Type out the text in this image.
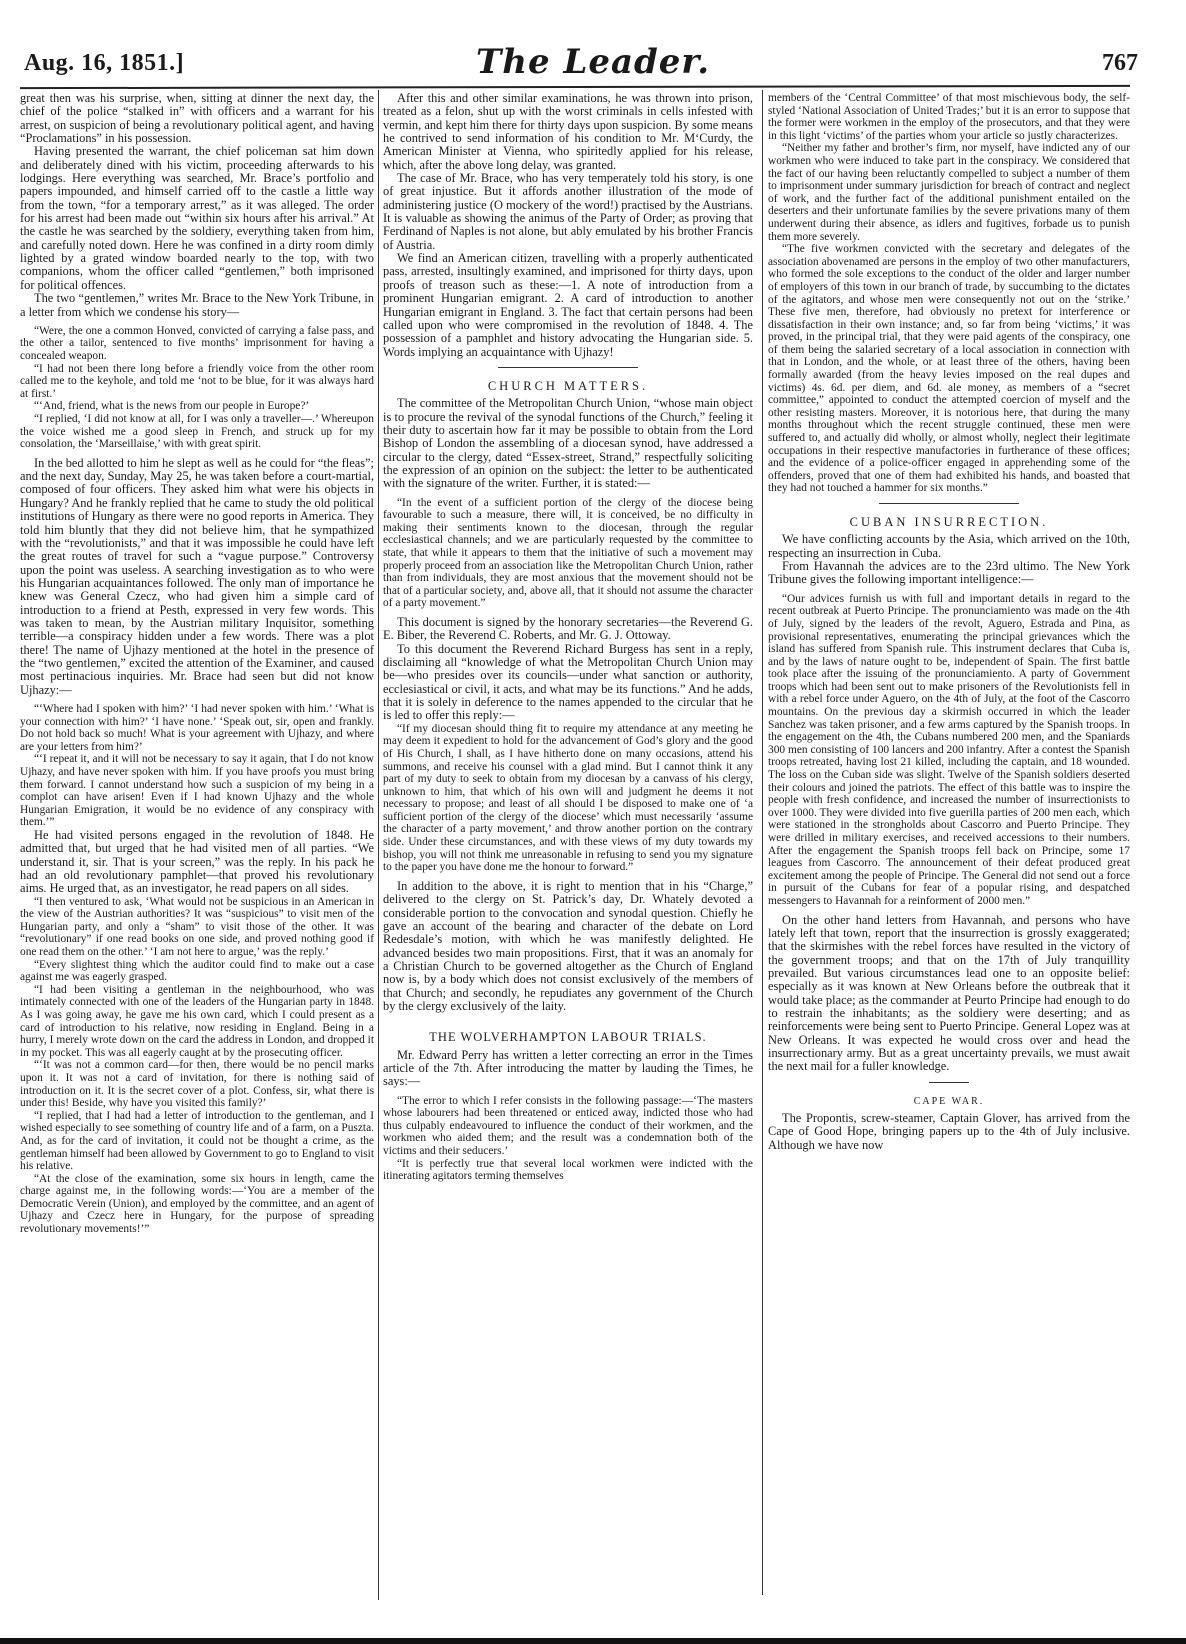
Aug. 16, 1851.]	The Leader.	767

great then was his surprise, when, sitting at dinner the next day, the chief of the police “stalked in” with officers and a warrant for his arrest, on suspicion of being a revolutionary political agent, and having “Proclamations” in his possession.

Having presented the warrant, the chief policeman sat him down and deliberately dined with his victim, proceeding afterwards to his lodgings. Here everything was searched, Mr. Brace’s portfolio and papers impounded, and himself carried off to the castle a little way from the town, “for a temporary arrest,” as it was alleged. The order for his arrest had been made out “within six hours after his arrival.” At the castle he was searched by the soldiery, everything taken from him, and carefully noted down. Here he was confined in a dirty room dimly lighted by a grated window boarded nearly to the top, with two companions, whom the officer called “gentlemen,” both imprisoned for political offences.

The two “gentlemen,” writes Mr. Brace to the New York Tribune, in a letter from which we condense his story—

“Were, the one a common Honved, convicted of carrying a false pass, and the other a tailor, sentenced to five months’ imprisonment for having a concealed weapon.

“I had not been there long before a friendly voice from the other room called me to the keyhole, and told me ‘not to be blue, for it was always hard at first.’

“‘And, friend, what is the news from our people in Europe?’

“I replied, ‘I did not know at all, for I was only a traveller—.’ Whereupon the voice wished me a good sleep in French, and struck up for my consolation, the ‘Marseillaise,’ with with great spirit.

In the bed allotted to him he slept as well as he could for “the fleas”; and the next day, Sunday, May 25, he was taken before a court-martial, composed of four officers. They asked him what were his objects in Hungary? And he frankly replied that he came to study the old political institutions of Hungary as there were no good reports in America. They told him bluntly that they did not believe him, that he sympathized with the “revolutionists,” and that it was impossible he could have left the great routes of travel for such a “vague purpose.” Controversy upon the point was useless. A searching investigation as to who were his Hungarian acquaintances followed. The only man of importance he knew was General Czecz, who had given him a simple card of introduction to a friend at Pesth, expressed in very few words. This was taken to mean, by the Austrian military Inquisitor, something terrible—a conspiracy hidden under a few words. There was a plot there! The name of Ujhazy mentioned at the hotel in the presence of the “two gentlemen,” excited the attention of the Examiner, and caused most pertinacious inquiries. Mr. Brace had seen but did not know Ujhazy:—

“‘Where had I spoken with him?’ ‘I had never spoken with him.’ ‘What is your connection with him?’ ‘I have none.’ ‘Speak out, sir, open and frankly. Do not hold back so much! What is your agreement with Ujhazy, and where are your letters from him?’

“‘I repeat it, and it will not be necessary to say it again, that I do not know Ujhazy, and have never spoken with him. If you have proofs you must bring them forward. I cannot understand how such a suspicion of my being in a complot can have arisen! Even if I had known Ujhazy and the whole Hungarian Emigration, it would be no evidence of any conspiracy with them.’”

He had visited persons engaged in the revolution of 1848. He admitted that, but urged that he had visited men of all parties. “We understand it, sir. That is your screen,” was the reply. In his pack he had an old revolutionary pamphlet—that proved his revolutionary aims. He urged that, as an investigator, he read papers on all sides.

“I then ventured to ask, ‘What would not be suspicious in an American in the view of the Austrian authorities? It was “suspicious” to visit men of the Hungarian party, and only a “sham” to visit those of the other. It was “revolutionary” if one read books on one side, and proved nothing good if one read them on the other.’ ‘I am not here to argue,’ was the reply.’

“Every slightest thing which the auditor could find to make out a case against me was eagerly grasped.

“I had been visiting a gentleman in the neighbourhood, who was intimately connected with one of the leaders of the Hungarian party in 1848. As I was going away, he gave me his own card, which I could present as a card of introduction to his relative, now residing in England. Being in a hurry, I merely wrote down on the card the address in London, and dropped it in my pocket. This was all eagerly caught at by the prosecuting officer.

“‘It was not a common card—for then, there would be no pencil marks upon it. It was not a card of invitation, for there is nothing said of introduction on it. It is the secret cover of a plot. Confess, sir, what there is under this! Beside, why have you visited this family?’

“I replied, that I had had a letter of introduction to the gentleman, and I wished especially to see something of country life and of a farm, on a Puszta. And, as for the card of invitation, it could not be thought a crime, as the gentleman himself had been allowed by Government to go to England to visit his relative.

“At the close of the examination, some six hours in length, came the charge against me, in the following words:—‘You are a member of the Democratic Verein (Union), and employed by the committee, and an agent of Ujhazy and Czecz here in Hungary, for the purpose of spreading revolutionary movements!’”

After this and other similar examinations, he was thrown into prison, treated as a felon, shut up with the worst criminals in cells infested with vermin, and kept him there for thirty days upon suspicion. By some means he contrived to send information of his condition to Mr. M‘Curdy, the American Minister at Vienna, who spiritedly applied for his release, which, after the above long delay, was granted.

The case of Mr. Brace, who has very temperately told his story, is one of great injustice. But it affords another illustration of the mode of administering justice (O mockery of the word!) practised by the Austrians. It is valuable as showing the animus of the Party of Order; as proving that Ferdinand of Naples is not alone, but ably emulated by his brother Francis of Austria.

We find an American citizen, travelling with a properly authenticated pass, arrested, insultingly examined, and imprisoned for thirty days, upon proofs of treason such as these:—1. A note of introduction from a prominent Hungarian emigrant. 2. A card of introduction to another Hungarian emigrant in England. 3. The fact that certain persons had been called upon who were compromised in the revolution of 1848. 4. The possession of a pamphlet and history advocating the Hungarian side. 5. Words implying an acquaintance with Ujhazy!

CHURCH MATTERS.

The committee of the Metropolitan Church Union, “whose main object is to procure the revival of the synodal functions of the Church,” feeling it their duty to ascertain how far it may be possible to obtain from the Lord Bishop of London the assembling of a diocesan synod, have addressed a circular to the clergy, dated “Essex-street, Strand,” respectfully soliciting the expression of an opinion on the subject: the letter to be authenticated with the signature of the writer. Further, it is stated:—

“In the event of a sufficient portion of the clergy of the diocese being favourable to such a measure, there will, it is conceived, be no difficulty in making their sentiments known to the diocesan, through the regular ecclesiastical channels; and we are particularly requested by the committee to state, that while it appears to them that the initiative of such a movement may properly proceed from an association like the Metropolitan Church Union, rather than from individuals, they are most anxious that the movement should not be that of a particular society, and, above all, that it should not assume the character of a party movement.”

This document is signed by the honorary secretaries—the Reverend G. E. Biber, the Reverend C. Roberts, and Mr. G. J. Ottoway.

To this document the Reverend Richard Burgess has sent in a reply, disclaiming all “knowledge of what the Metropolitan Church Union may be—who presides over its councils—under what sanction or authority, ecclesiastical or civil, it acts, and what may be its functions.” And he adds, that it is solely in deference to the names appended to the circular that he is led to offer this reply:—

“If my diocesan should thing fit to require my attendance at any meeting he may deem it expedient to hold for the advancement of God’s glory and the good of His Church, I shall, as I have hitherto done on many occasions, attend his summons, and receive his counsel with a glad mind. But I cannot think it any part of my duty to seek to obtain from my diocesan by a canvass of his clergy, unknown to him, that which of his own will and judgment he deems it not necessary to propose; and least of all should I be disposed to make one of ‘a sufficient portion of the clergy of the diocese’ which must necessarily ‘assume the character of a party movement,’ and throw another portion on the contrary side. Under these circumstances, and with these views of my duty towards my bishop, you will not think me unreasonable in refusing to send you my signature to the paper you have done me the honour to forward.”

In addition to the above, it is right to mention that in his “Charge,” delivered to the clergy on St. Patrick’s day, Dr. Whately devoted a considerable portion to the convocation and synodal question. Chiefly he gave an account of the bearing and character of the debate on Lord Redesdale’s motion, with which he was manifestly delighted. He advanced besides two main propositions. First, that it was an anomaly for a Christian Church to be governed altogether as the Church of England now is, by a body which does not consist exclusively of the members of that Church; and secondly, he repudiates any government of the Church by the clergy exclusively of the laity.

THE WOLVERHAMPTON LABOUR TRIALS.

Mr. Edward Perry has written a letter correcting an error in the Times article of the 7th. After introducing the matter by lauding the Times, he says:—

“The error to which I refer consists in the following passage:—‘The masters whose labourers had been threatened or enticed away, indicted those who had thus culpably endeavoured to influence the conduct of their workmen, and the workmen who aided them; and the result was a condemnation both of the victims and their seducers.’

“It is perfectly true that several local workmen were indicted with the itinerating agitators terming themselves

members of the ‘Central Committee’ of that most mischievous body, the self-styled ‘National Association of United Trades;’ but it is an error to suppose that the former were workmen in the employ of the prosecutors, and that they were in this light ‘victims’ of the parties whom your article so justly characterizes.

“Neither my father and brother’s firm, nor myself, have indicted any of our workmen who were induced to take part in the conspiracy. We considered that the fact of our having been reluctantly compelled to subject a number of them to imprisonment under summary jurisdiction for breach of contract and neglect of work, and the further fact of the additional punishment entailed on the deserters and their unfortunate families by the severe privations many of them underwent during their absence, as idlers and fugitives, forbade us to punish them more severely.

“The five workmen convicted with the secretary and delegates of the association abovenamed are persons in the employ of two other manufacturers, who formed the sole exceptions to the conduct of the older and larger number of employers of this town in our branch of trade, by succumbing to the dictates of the agitators, and whose men were consequently not out on the ‘strike.’ These five men, therefore, had obviously no pretext for interference or dissatisfaction in their own instance; and, so far from being ‘victims,’ it was proved, in the principal trial, that they were paid agents of the conspiracy, one of them being the salaried secretary of a local association in connection with that in London, and the whole, or at least three of the others, having been formally awarded (from the heavy levies imposed on the real dupes and victims) 4s. 6d. per diem, and 6d. ale money, as members of a “secret committee,” appointed to conduct the attempted coercion of myself and the other resisting masters. Moreover, it is notorious here, that during the many months throughout which the recent struggle continued, these men were suffered to, and actually did wholly, or almost wholly, neglect their legitimate occupations in their respective manufactories in furtherance of these offices; and the evidence of a police-officer engaged in apprehending some of the offenders, proved that one of them had exhibited his hands, and boasted that they had not touched a hammer for six months.”

CUBAN INSURRECTION.

We have conflicting accounts by the Asia, which arrived on the 10th, respecting an insurrection in Cuba.

From Havannah the advices are to the 23rd ultimo. The New York Tribune gives the following important intelligence:—

“Our advices furnish us with full and important details in regard to the recent outbreak at Puerto Principe. The pronunciamiento was made on the 4th of July, signed by the leaders of the revolt, Aguero, Estrada and Pina, as provisional representatives, enumerating the principal grievances which the island has suffered from Spanish rule. This instrument declares that Cuba is, and by the laws of nature ought to be, independent of Spain. The first battle took place after the issuing of the pronunciamiento. A party of Government troops which had been sent out to make prisoners of the Revolutionists fell in with a rebel force under Aguero, on the 4th of July, at the foot of the Cascorro mountains. On the previous day a skirmish occurred in which the leader Sanchez was taken prisoner, and a few arms captured by the Spanish troops. In the engagement on the 4th, the Cubans numbered 200 men, and the Spaniards 300 men consisting of 100 lancers and 200 infantry. After a contest the Spanish troops retreated, having lost 21 killed, including the captain, and 18 wounded. The loss on the Cuban side was slight. Twelve of the Spanish soldiers deserted their colours and joined the patriots. The effect of this battle was to inspire the people with fresh confidence, and increased the number of insurrectionists to over 1000. They were divided into five guerilla parties of 200 men each, which were stationed in the strongholds about Cascorro and Puerto Principe. They were drilled in military exercises, and received accessions to their numbers. After the engagement the Spanish troops fell back on Principe, some 17 leagues from Cascorro. The announcement of their defeat produced great excitement among the people of Principe. The General did not send out a force in pursuit of the Cubans for fear of a popular rising, and despatched messengers to Havannah for a reinforment of 2000 men.”

On the other hand letters from Havannah, and persons who have lately left that town, report that the insurrection is grossly exaggerated; that the skirmishes with the rebel forces have resulted in the victory of the government troops; and that on the 17th of July tranquillity prevailed. But various circumstances lead one to an opposite belief: especially as it was known at New Orleans before the outbreak that it would take place; as the commander at Peurto Principe had enough to do to restrain the inhabitants; as the soldiery were deserting; and as reinforcements were being sent to Puerto Principe. General Lopez was at New Orleans. It was expected he would cross over and head the insurrectionary army. But as a great uncertainty prevails, we must await the next mail for a fuller knowledge.

CAPE WAR.

The Propontis, screw-steamer, Captain Glover, has arrived from the Cape of Good Hope, bringing papers up to the 4th of July inclusive. Although we have now
